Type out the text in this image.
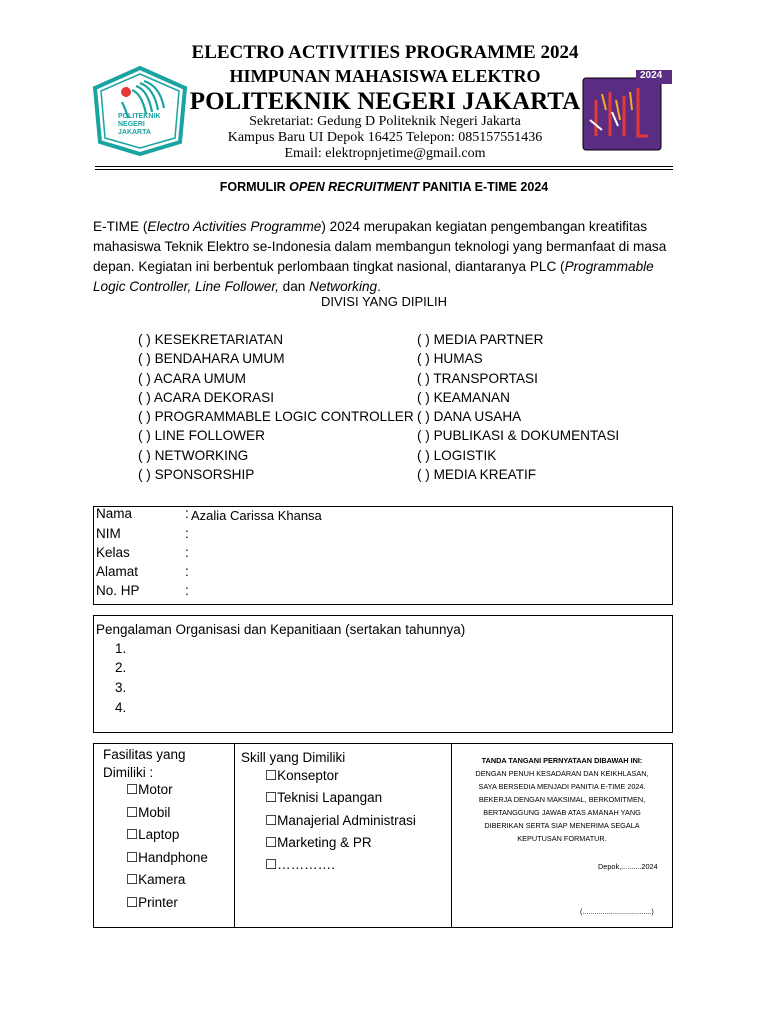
POLITEKNIK
NEGERI
JAKARTA
2024
ELECTRO ACTIVITIES PROGRAMME 2024
HIMPUNAN MAHASISWA ELEKTRO
POLITEKNIK NEGERI JAKARTA
Sekretariat: Gedung D Politeknik Negeri Jakarta
Kampus Baru UI Depok 16425 Telepon: 085157551436
Email: elektropnjetime@gmail.com
FORMULIR OPEN RECRUITMENT PANITIA E-TIME 2024
E-TIME (Electro Activities Programme) 2024 merupakan kegiatan pengembangan kreatifitas mahasiswa Teknik Elektro se-Indonesia dalam membangun teknologi yang bermanfaat di masa depan. Kegiatan ini berbentuk perlombaan tingkat nasional, diantaranya PLC (Programmable Logic Controller, Line Follower, dan Networking.
DIVISI YANG DIPILIH
( ) KESEKRETARIATAN
( ) BENDAHARA UMUM
( ) ACARA UMUM
( ) ACARA DEKORASI
( ) PROGRAMMABLE LOGIC CONTROLLER
( ) LINE FOLLOWER
( ) NETWORKING
( ) SPONSORSHIP
( ) MEDIA PARTNER
( ) HUMAS
( ) TRANSPORTASI
( ) KEAMANAN
( ) DANA USAHA
( ) PUBLIKASI & DOKUMENTASI
( ) LOGISTIK
( ) MEDIA KREATIF
Nama
NIM
Kelas
Alamat
No. HP
:
:
:
:
:
Azalia Carissa Khansa
Pengalaman Organisasi dan Kepanitiaan (sertakan tahunnya)
1.
2.
3.
4.
Fasilitas yang
Dimiliki :
☐Motor
☐Mobil
☐Laptop
☐Handphone
☐Kamera
☐Printer
Skill yang Dimiliki
☐Konseptor
☐Teknisi Lapangan
☐Manajerial Administrasi
☐Marketing & PR
☐………….
TANDA TANGANI PERNYATAAN DIBAWAH INI:
DENGAN PENUH KESADARAN DAN KEIKHLASAN,
SAYA BERSEDIA MENJADI PANITIA E-TIME 2024.
BEKERJA DENGAN MAKSIMAL, BERKOMITMEN,
BERTANGGUNG JAWAB ATAS AMANAH YANG
DIBERIKAN SERTA SIAP MENERIMA SEGALA
KEPUTUSAN FORMATUR.
Depok,..........2024
(..................................)
